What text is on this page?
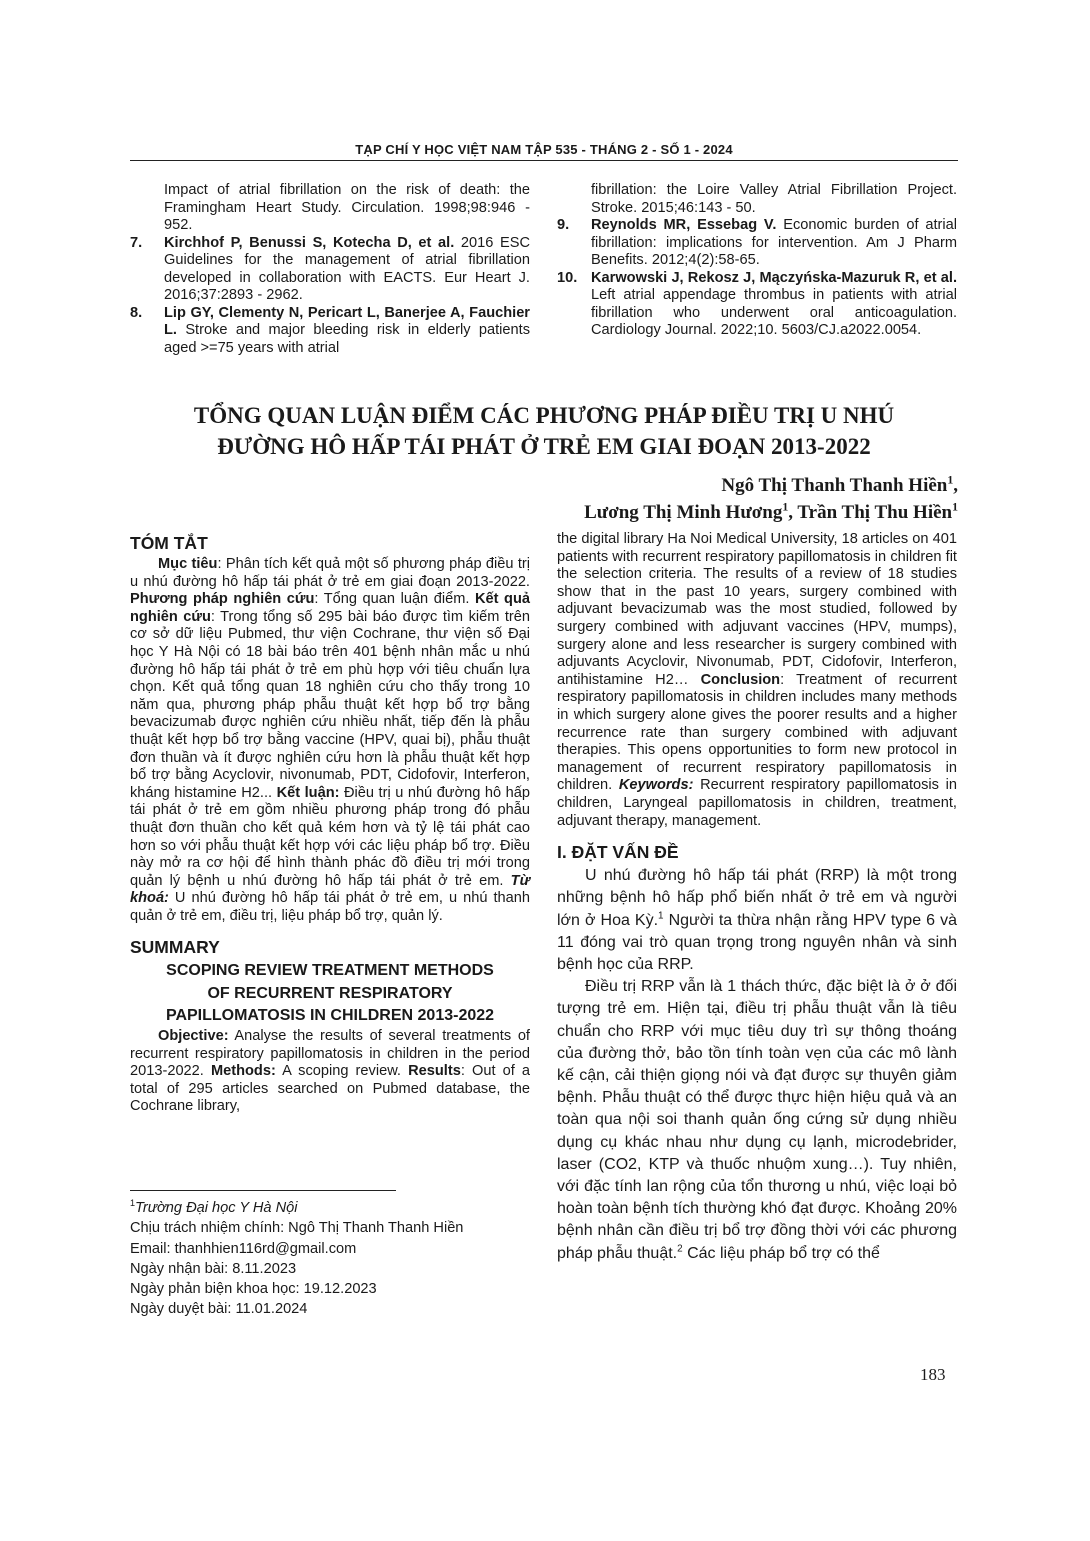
TẠP CHÍ Y HỌC VIỆT NAM TẬP 535 - THÁNG 2 - SỐ 1 - 2024

Impact of atrial fibrillation on the risk of death: the Framingham Heart Study. Circulation. 1998;98:946 - 952.

7. Kirchhof P, Benussi S, Kotecha D, et al. 2016 ESC Guidelines for the management of atrial fibrillation developed in collaboration with EACTS. Eur Heart J. 2016;37:2893 - 2962.

8. Lip GY, Clementy N, Pericart L, Banerjee A, Fauchier L. Stroke and major bleeding risk in elderly patients aged >=75 years with atrial

fibrillation: the Loire Valley Atrial Fibrillation Project. Stroke. 2015;46:143 - 50.

9. Reynolds MR, Essebag V. Economic burden of atrial fibrillation: implications for intervention. Am J Pharm Benefits. 2012;4(2):58-65.

10. Karwowski J, Rekosz J, Mączyńska-Mazuruk R, et al. Left atrial appendage thrombus in patients with atrial fibrillation who underwent oral anticoagulation. Cardiology Journal. 2022;10. 5603/CJ.a2022.0054.

TỔNG QUAN LUẬN ĐIỂM CÁC PHƯƠNG PHÁP ĐIỀU TRỊ U NHÚ
ĐƯỜNG HÔ HẤP TÁI PHÁT Ở TRẺ EM GIAI ĐOẠN 2013-2022
Ngô Thị Thanh Thanh Hiền$^1$,
Lương Thị Minh Hương$^1$, Trần Thị Thu Hiền$^1$
TÓM TẮT

Mục tiêu: Phân tích kết quả một số phương pháp điều trị u nhú đường hô hấp tái phát ở trẻ em giai đoạn 2013-2022. Phương pháp nghiên cứu: Tổng quan luận điểm. Kết quả nghiên cứu: Trong tổng số 295 bài báo được tìm kiếm trên cơ sở dữ liệu Pubmed, thư viện Cochrane, thư viện số Đại học Y Hà Nội có 18 bài báo trên 401 bệnh nhân mắc u nhú đường hô hấp tái phát ở trẻ em phù hợp với tiêu chuẩn lựa chọn. Kết quả tổng quan 18 nghiên cứu cho thấy trong 10 năm qua, phương pháp phẫu thuật kết hợp bổ trợ bằng bevacizumab được nghiên cứu nhiều nhất, tiếp đến là phẫu thuật kết hợp bổ trợ bằng vaccine (HPV, quai bị), phẫu thuật đơn thuần và ít được nghiên cứu hơn là phẫu thuật kết hợp bổ trợ bằng Acyclovir, nivonumab, PDT, Cidofovir, Interferon, kháng histamine H2... Kết luận: Điều trị u nhú đường hô hấp tái phát ở trẻ em gồm nhiều phương pháp trong đó phẫu thuật đơn thuần cho kết quả kém hơn và tỷ lệ tái phát cao hơn so với phẫu thuật kết hợp với các liệu pháp bổ trợ. Điều này mở ra cơ hội để hình thành phác đồ điều trị mới trong quản lý bệnh u nhú đường hô hấp tái phát ở trẻ em. Từ khoá: U nhú đường hô hấp tái phát ở trẻ em, u nhú thanh quản ở trẻ em, điều trị, liệu pháp bổ trợ, quản lý.

SUMMARY
SCOPING REVIEW TREATMENT METHODS
OF RECURRENT RESPIRATORY
PAPILLOMATOSIS IN CHILDREN 2013-2022

Objective: Analyse the results of several treatments of recurrent respiratory papillomatosis in children in the period 2013-2022. Methods: A scoping review. Results: Out of a total of 295 articles searched on Pubmed database, the Cochrane library,

$^1$Trường Đại học Y Hà Nội
Chịu trách nhiệm chính: Ngô Thị Thanh Thanh Hiền
Email: thanhhien116rd@gmail.com
Ngày nhận bài: 8.11.2023
Ngày phản biện khoa học: 19.12.2023
Ngày duyệt bài: 11.01.2024

the digital library Ha Noi Medical University, 18 articles on 401 patients with recurrent respiratory papillomatosis in children fit the selection criteria. The results of a review of 18 studies show that in the past 10 years, surgery combined with adjuvant bevacizumab was the most studied, followed by surgery combined with adjuvant vaccines (HPV, mumps), surgery alone and less researcher is surgery combined with adjuvants Acyclovir, Nivonumab, PDT, Cidofovir, Interferon, antihistamine H2… Conclusion: Treatment of recurrent respiratory papillomatosis in children includes many methods in which surgery alone gives the poorer results and a higher recurrence rate than surgery combined with adjuvant therapies. This opens opportunities to form new protocol in management of recurrent respiratory papillomatosis in children. Keywords: Recurrent respiratory papillomatosis in children, Laryngeal papillomatosis in children, treatment, adjuvant therapy, management.

I. ĐẶT VẤN ĐỀ

U nhú đường hô hấp tái phát (RRP) là một trong những bệnh hô hấp phổ biến nhất ở trẻ em và người lớn ở Hoa Kỳ.$^1$ Người ta thừa nhận rằng HPV type 6 và 11 đóng vai trò quan trọng trong nguyên nhân và sinh bệnh học của RRP.

Điều trị RRP vẫn là 1 thách thức, đặc biệt là ở ở đối tượng trẻ em. Hiện tại, điều trị phẫu thuật vẫn là tiêu chuẩn cho RRP với mục tiêu duy trì sự thông thoáng của đường thở, bảo tồn tính toàn vẹn của các mô lành kế cận, cải thiện giọng nói và đạt được sự thuyên giảm bệnh. Phẫu thuật có thể được thực hiện hiệu quả và an toàn qua nội soi thanh quản ống cứng sử dụng nhiều dụng cụ khác nhau như dụng cụ lạnh, microdebrider, laser (CO2, KTP và thuốc nhuộm xung…). Tuy nhiên, với đặc tính lan rộng của tổn thương u nhú, việc loại bỏ hoàn toàn bệnh tích thường khó đạt được. Khoảng 20% bệnh nhân cần điều trị bổ trợ đồng thời với các phương pháp phẫu thuật.$^2$ Các liệu pháp bổ trợ có thể

183
